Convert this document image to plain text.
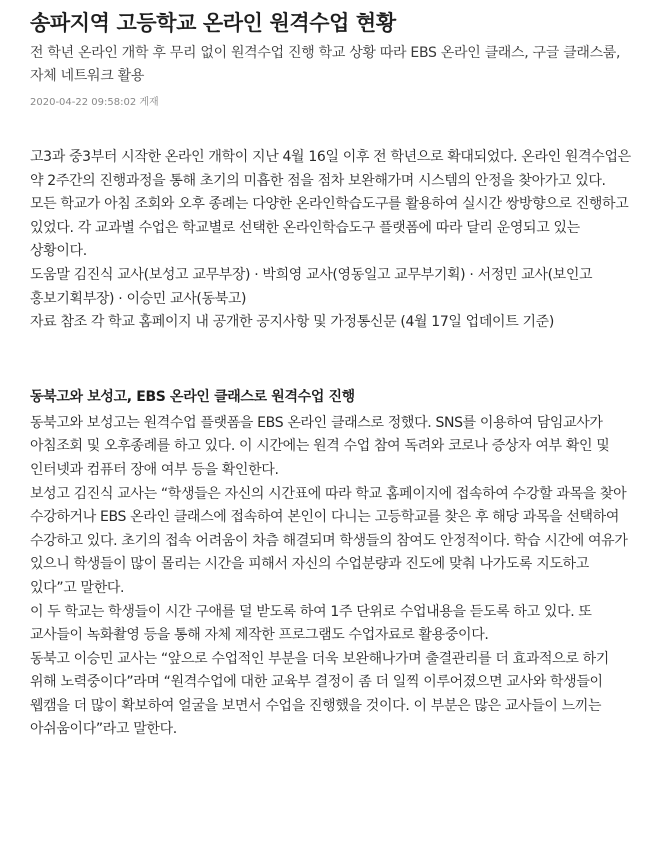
송파지역 고등학교 온라인 원격수업 현황
전 학년 온라인 개학 후 무리 없이 원격수업 진행 학교 상황 따라 EBS 온라인 클래스, 구글 클래스룸, 자체 네트워크 활용
2020-04-22 09:58:02 게재

고3과 중3부터 시작한 온라인 개학이 지난 4월 16일 이후 전 학년으로 확대되었다. 온라인 원격수업은 약 2주간의 진행과정을 통해 초기의 미흡한 점을 점차 보완해가며 시스템의 안정을 찾아가고 있다. 모든 학교가 아침 조회와 오후 종례는 다양한 온라인학습도구를 활용하여 실시간 쌍방향으로 진행하고 있었다. 각 교과별 수업은 학교별로 선택한 온라인학습도구 플랫폼에 따라 달리 운영되고 있는 상황이다.

도움말 김진식 교사(보성고 교무부장) · 박희영 교사(영동일고 교무부기획) · 서정민 교사(보인고 홍보기획부장) · 이승민 교사(동북고)

자료 참조 각 학교 홈페이지 내 공개한 공지사항 및 가정통신문 (4월 17일 업데이트 기준)

동북고와 보성고, EBS 온라인 클래스로 원격수업 진행

동북고와 보성고는 원격수업 플랫폼을 EBS 온라인 클래스로 정했다. SNS를 이용하여 담임교사가 아침조회 및 오후종례를 하고 있다. 이 시간에는 원격 수업 참여 독려와 코로나 증상자 여부 확인 및 인터넷과 컴퓨터 장애 여부 등을 확인한다.

보성고 김진식 교사는 “학생들은 자신의 시간표에 따라 학교 홈페이지에 접속하여 수강할 과목을 찾아 수강하거나 EBS 온라인 클래스에 접속하여 본인이 다니는 고등학교를 찾은 후 해당 과목을 선택하여 수강하고 있다. 초기의 접속 어려움이 차츰 해결되며 학생들의 참여도 안정적이다. 학습 시간에 여유가 있으니 학생들이 많이 몰리는 시간을 피해서 자신의 수업분량과 진도에 맞춰 나가도록 지도하고 있다”고 말한다.

이 두 학교는 학생들이 시간 구애를 덜 받도록 하여 1주 단위로 수업내용을 듣도록 하고 있다. 또 교사들이 녹화촬영 등을 통해 자체 제작한 프로그램도 수업자료로 활용중이다.

동북고 이승민 교사는 “앞으로 수업적인 부분을 더욱 보완해나가며 출결관리를 더 효과적으로 하기 위해 노력중이다”라며 “원격수업에 대한 교육부 결정이 좀 더 일찍 이루어졌으면 교사와 학생들이 웹캠을 더 많이 확보하여 얼굴을 보면서 수업을 진행했을 것이다. 이 부분은 많은 교사들이 느끼는 아쉬움이다”라고 말한다.
